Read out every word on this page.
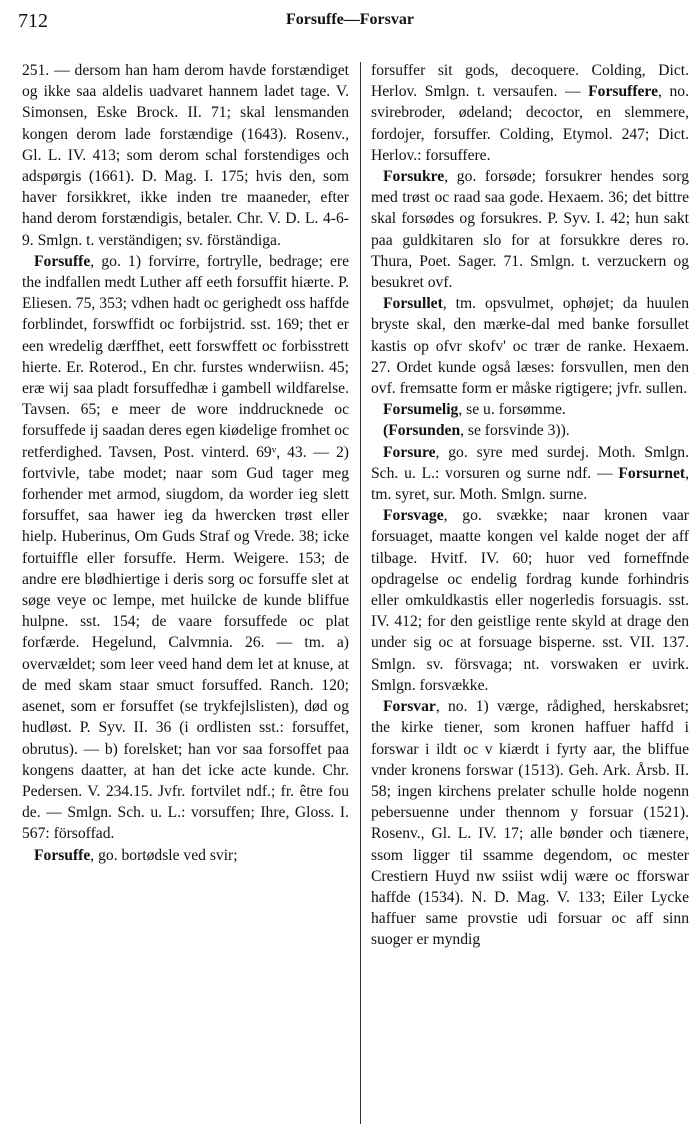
712	Forsuffe—Forsvar

251. — dersom han ham derom havde forstændiget og ikke saa aldelis uadvaret hannem ladet tage. V. Simonsen, Eske Brock. II. 71; skal lensmanden kongen derom lade forstændige (1643). Rosenv., Gl. L. IV. 413; som derom schal forstendiges och adspørgis (1661). D. Mag. I. 175; hvis den, som haver forsikkret, ikke inden tre maaneder, efter hand derom forstændigis, betaler. Chr. V. D. L. 4-6-9. Smlgn. t. verständigen; sv. förständiga.

Forsuffe, go. 1) forvirre, fortrylle, bedrage; ere the indfallen medt Luther aff eeth forsuffit hiærte. P. Eliesen. 75, 353; vdhen hadt oc gerighedt oss haffde forblindet, forswffidt oc forbijstrid. sst. 169; thet er een wredelig dærffhet, eett forswffett oc forbisstrett hierte. Er. Roterod., En chr. furstes wnderwiisn. 45; eræ wij saa pladt forsuffedhæ i gambell wildfarelse. Tavsen. 65; e meer de wore inddrucknede oc forsuffede ij saadan deres egen kiødelige fromhet oc retferdighed. Tavsen, Post. vinterd. 69ᵛ, 43. — 2) fortvivle, tabe modet; naar som Gud tager meg forhender met armod, siugdom, da worder ieg slett forsuffet, saa hawer ieg da hwercken trøst eller hielp. Huberinus, Om Guds Straf og Vrede. 38; icke fortuiffle eller forsuffe. Herm. Weigere. 153; de andre ere blødhiertige i deris sorg oc forsuffe slet at søge veye oc lempe, met huilcke de kunde bliffue hulpne. sst. 154; de vaare forsuffede oc plat forfærde. Hegelund, Calvmnia. 26. — tm. a) overvældet; som leer veed hand dem let at knuse, at de med skam staar smuct forsuffed. Ranch. 120; asenet, som er forsuffet (se trykfejlslisten), død og hudløst. P. Syv. II. 36 (i ordlisten sst.: forsuffet, obrutus). — b) forelsket; han vor saa forsoffet paa kongens daatter, at han det icke acte kunde. Chr. Pedersen. V. 234.15. Jvfr. fortvilet ndf.; fr. être fou de. — Smlgn. Sch. u. L.: vorsuffen; Ihre, Gloss. I. 567: försoffad.

Forsuffe, go. bortødsle ved svir;

forsuffer sit gods, decoquere. Colding, Dict. Herlov. Smlgn. t. versaufen. — Forsuffere, no. svirebroder, ødeland; decoctor, en slemmere, fordojer, forsuffer. Colding, Etymol. 247; Dict. Herlov.: forsuffere.

Forsukre, go. forsøde; forsukrer hendes sorg med trøst oc raad saa gode. Hexaem. 36; det bittre skal forsødes og forsukres. P. Syv. I. 42; hun sakt paa guldkitaren slo for at forsukkre deres ro. Thura, Poet. Sager. 71. Smlgn. t. verzuckern og besukret ovf.

Forsullet, tm. opsvulmet, ophøjet; da huulen bryste skal, den mærke-dal med banke forsullet kastis op ofvr skofv' oc trær de ranke. Hexaem. 27. Ordet kunde også læses: forsvullen, men den ovf. fremsatte form er måske rigtigere; jvfr. sullen.

Forsumelig, se u. forsømme.

(Forsunden, se forsvinde 3)).

Forsure, go. syre med surdej. Moth. Smlgn. Sch. u. L.: vorsuren og surne ndf. — Forsurnet, tm. syret, sur. Moth. Smlgn. surne.

Forsvage, go. svække; naar kronen vaar forsuaget, maatte kongen vel kalde noget der aff tilbage. Hvitf. IV. 60; huor ved forneffnde opdragelse oc endelig fordrag kunde forhindris eller omkuldkastis eller nogerledis forsuagis. sst. IV. 412; for den geistlige rente skyld at drage den under sig oc at forsuage bisperne. sst. VII. 137. Smlgn. sv. försvaga; nt. vorswaken er uvirk. Smlgn. forsvække.

Forsvar, no. 1) værge, rådighed, herskabsret; the kirke tiener, som kronen haffuer haffd i forswar i ildt oc v kiærdt i fyrty aar, the bliffue vnder kronens forswar (1513). Geh. Ark. Årsb. II. 58; ingen kirchens prelater schulle holde nogenn pebersuenne under thennom y forsuar (1521). Rosenv., Gl. L. IV. 17; alle bønder och tiænere, ssom ligger til ssamme degendom, oc mester Crestiern Huyd nw ssiist wdij wære oc fforswar haffde (1534). N. D. Mag. V. 133; Eiler Lycke haffuer same provstie udi forsuar oc aff sinn suoger er myndig
